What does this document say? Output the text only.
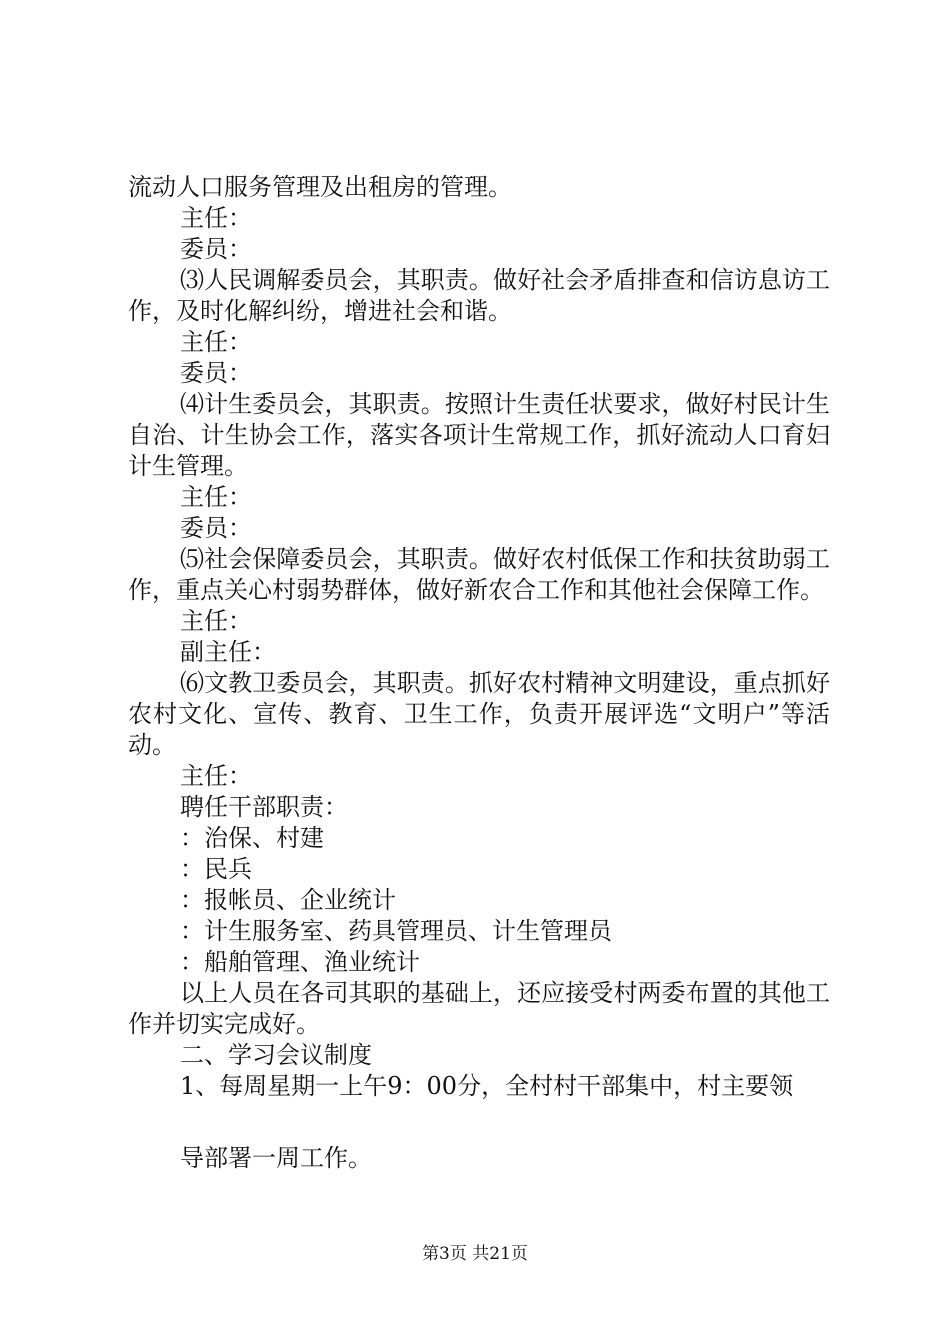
流动人口服务管理及出租房的管理。

主任：

委员：

⑶人民调解委员会，其职责。做好社会矛盾排查和信访息访工作，及时化解纠纷，增进社会和谐。

主任：

委员：

⑷计生委员会，其职责。按照计生责任状要求，做好村民计生自治、计生协会工作，落实各项计生常规工作，抓好流动人口育妇计生管理。

主任：

委员：

⑸社会保障委员会，其职责。做好农村低保工作和扶贫助弱工作，重点关心村弱势群体，做好新农合工作和其他社会保障工作。

主任：

副主任：

⑹文教卫委员会，其职责。抓好农村精神文明建设，重点抓好农村文化、宣传、教育、卫生工作，负责开展评选“文明户”等活动。

主任：

聘任干部职责：

：治保、村建

：民兵

：报帐员、企业统计

：计生服务室、药具管理员、计生管理员

：船舶管理、渔业统计

以上人员在各司其职的基础上，还应接受村两委布置的其他工作并切实完成好。

二、学习会议制度

1、每周星期一上午9：00分，全村村干部集中，村主要领

导部署一周工作。

第3页 共21页
